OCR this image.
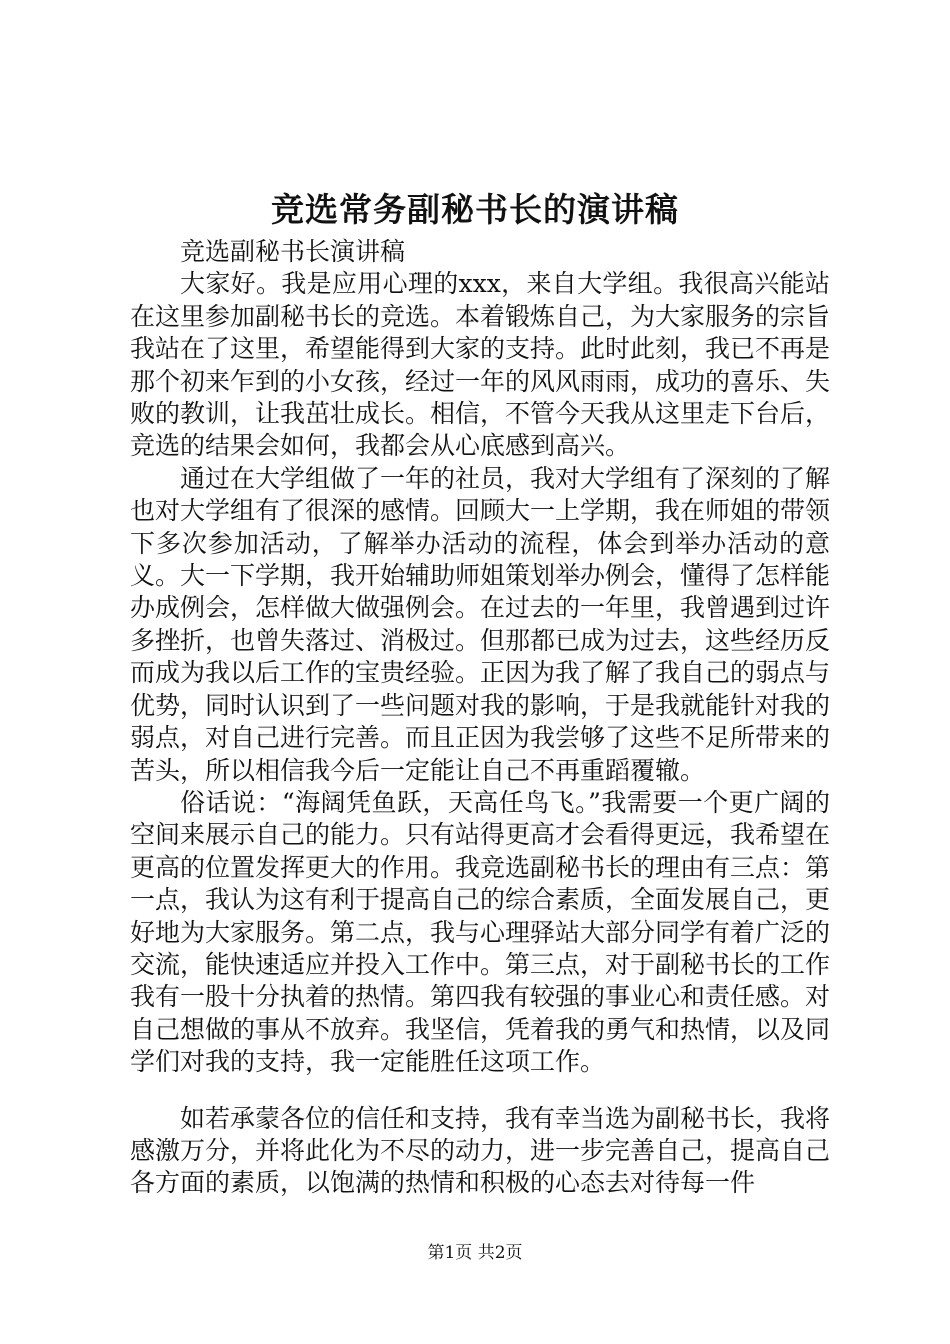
竞选常务副秘书长的演讲稿

竞选副秘书长演讲稿

大家好。我是应用心理的xxx，来自大学组。我很高兴能站在这里参加副秘书长的竞选。本着锻炼自己，为大家服务的宗旨我站在了这里，希望能得到大家的支持。此时此刻，我已不再是那个初来乍到的小女孩，经过一年的风风雨雨，成功的喜乐、失败的教训，让我茁壮成长。相信，不管今天我从这里走下台后，竞选的结果会如何，我都会从心底感到高兴。

通过在大学组做了一年的社员，我对大学组有了深刻的了解也对大学组有了很深的感情。回顾大一上学期，我在师姐的带领下多次参加活动，了解举办活动的流程，体会到举办活动的意义。大一下学期，我开始辅助师姐策划举办例会，懂得了怎样能办成例会，怎样做大做强例会。在过去的一年里，我曾遇到过许多挫折，也曾失落过、消极过。但那都已成为过去，这些经历反而成为我以后工作的宝贵经验。正因为我了解了我自己的弱点与优势，同时认识到了一些问题对我的影响，于是我就能针对我的弱点，对自己进行完善。而且正因为我尝够了这些不足所带来的苦头，所以相信我今后一定能让自己不再重蹈覆辙。

俗话说：“海阔凭鱼跃，天高任鸟飞。”我需要一个更广阔的空间来展示自己的能力。只有站得更高才会看得更远，我希望在更高的位置发挥更大的作用。我竞选副秘书长的理由有三点：第一点，我认为这有利于提高自己的综合素质，全面发展自己，更好地为大家服务。第二点，我与心理驿站大部分同学有着广泛的交流，能快速适应并投入工作中。第三点，对于副秘书长的工作我有一股十分执着的热情。第四我有较强的事业心和责任感。对自己想做的事从不放弃。我坚信，凭着我的勇气和热情，以及同学们对我的支持，我一定能胜任这项工作。

如若承蒙各位的信任和支持，我有幸当选为副秘书长，我将感激万分，并将此化为不尽的动力，进一步完善自己，提高自己各方面的素质，以饱满的热情和积极的心态去对待每一件

第1页 共2页
